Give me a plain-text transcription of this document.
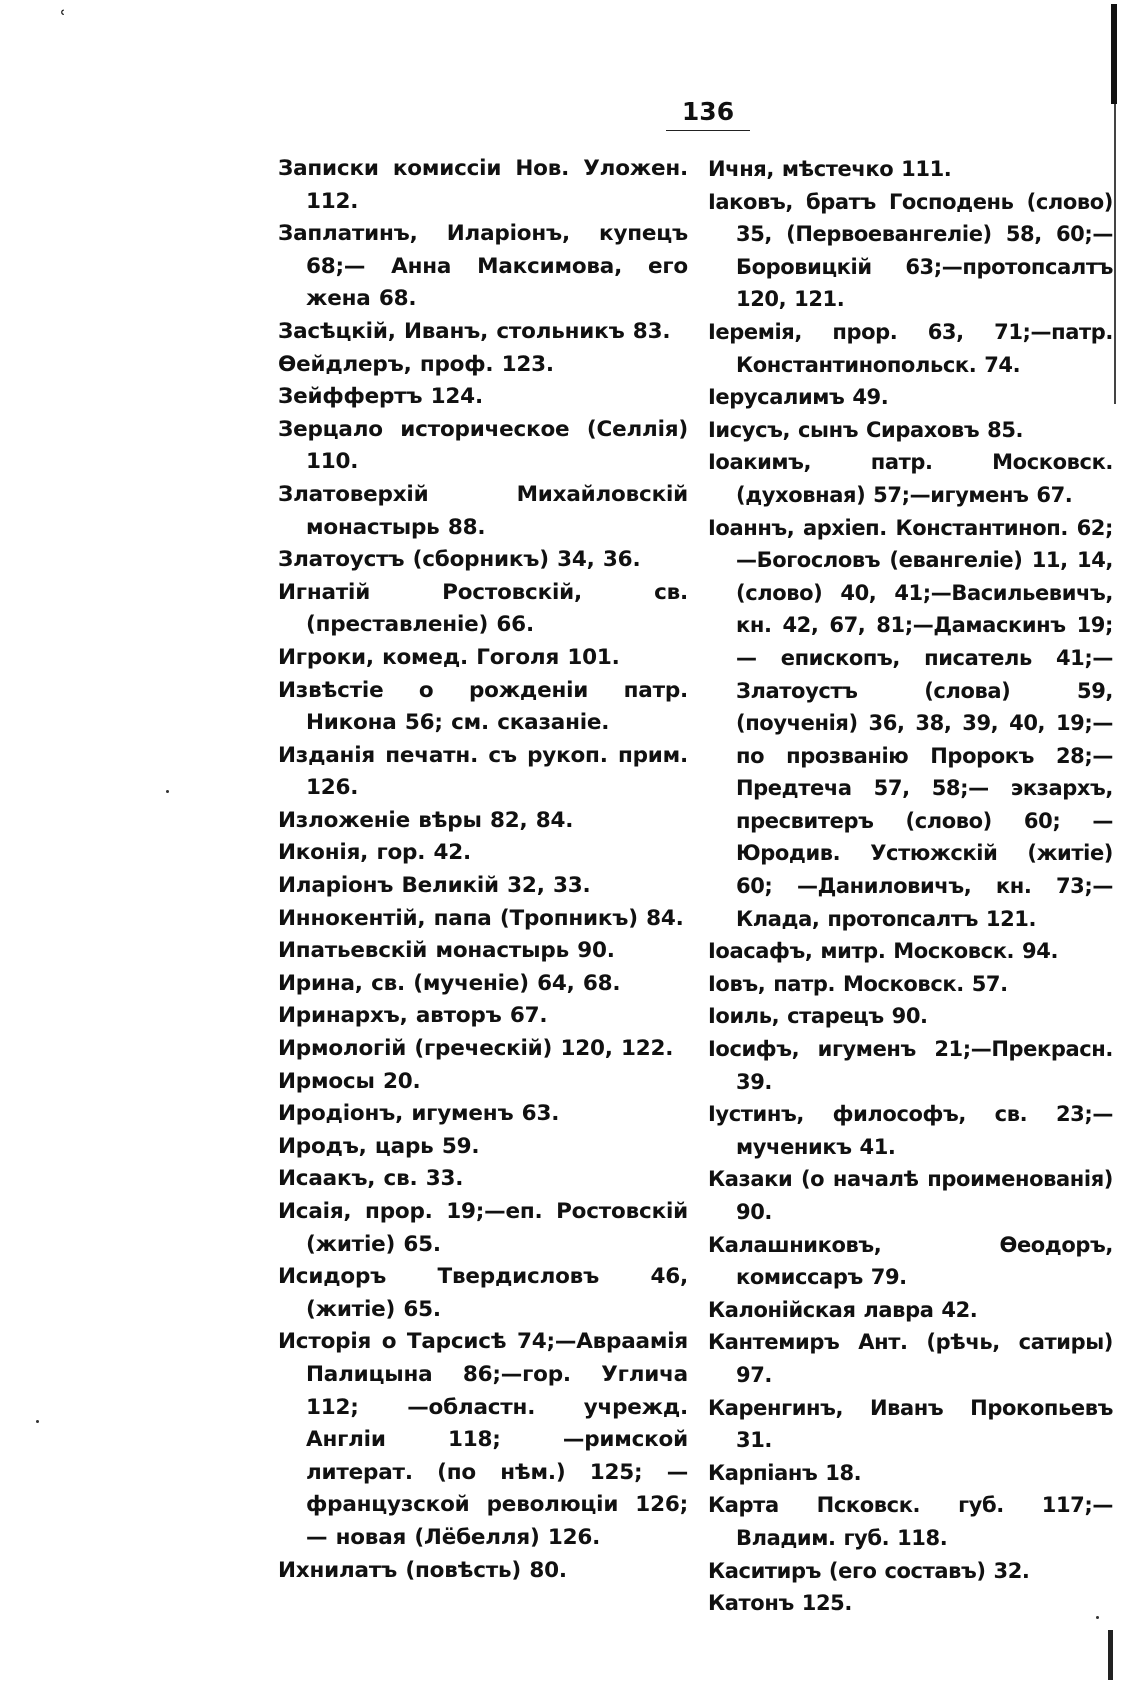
ʿ
136
Записки комиссіи Нов. Уложен. 112.
Заплатинъ, Иларіонъ, купецъ 68;— Анна Максимова, его жена 68.
Засѣцкій, Иванъ, стольникъ 83.
Ѳейдлеръ, проф. 123.
Зейффертъ 124.
Зерцало историческое (Селлія) 110.
Златоверхій Михайловскій монастырь 88.
Златоустъ (сборникъ) 34, 36.
Игнатій Ростовскій, св. (преставленіе) 66.
Игроки, комед. Гоголя 101.
Извѣстіе о рожденіи патр. Никона 56; см. сказаніе.
Изданія печатн. съ рукоп. прим. 126.
Изложеніе вѣры 82, 84.
Иконія, гор. 42.
Иларіонъ Великій 32, 33.
Иннокентій, папа (Тропникъ) 84.
Ипатьевскій монастырь 90.
Ирина, св. (мученіе) 64, 68.
Иринархъ, авторъ 67.
Ирмологій (греческій) 120, 122.
Ирмосы 20.
Иродіонъ, игуменъ 63.
Иродъ, царь 59.
Исаакъ, св. 33.
Исаія, прор. 19;—еп. Ростовскій (житіе) 65.
Исидоръ Твердисловъ 46, (житіе) 65.
Исторія о Тарсисѣ 74;—Авраамія Палицына 86;—гор. Углича 112; —областн. учрежд. Англіи 118; —римской литерат. (по нѣм.) 125; —французской революціи 126;— новая (Лёбелля) 126.
Ихнилатъ (повѣсть) 80.
Ичня, мѣстечко 111.
Іаковъ, братъ Господень (слово) 35, (Первоевангеліе) 58, 60;—Боровицкій 63;—протопсалтъ 120, 121.
Іеремія, прор. 63, 71;—патр. Константинопольск. 74.
Іерусалимъ 49.
Іисусъ, сынъ Сираховъ 85.
Іоакимъ, патр. Московск. (духовная) 57;—игуменъ 67.
Іоаннъ, архіеп. Константиноп. 62; —Богословъ (евангеліе) 11, 14, (слово) 40, 41;—Васильевичъ, кн. 42, 67, 81;—Дамаскинъ 19;— епископъ, писатель 41;—Златоустъ (слова) 59, (поученія) 36, 38, 39, 40, 19;—по прозванію Пророкъ 28;—Предтеча 57, 58;— экзархъ, пресвитеръ (слово) 60; —Юродив. Устюжскій (житіе) 60; —Даниловичъ, кн. 73;—Клада, протопсалтъ 121.
Іоасафъ, митр. Московск. 94.
Іовъ, патр. Московск. 57.
Іоиль, старецъ 90.
Іосифъ, игуменъ 21;—Прекрасн. 39.
Іустинъ, философъ, св. 23;—мученикъ 41.
Казаки (о началѣ проименованія) 90.
Калашниковъ, Ѳеодоръ, комиссаръ 79.
Калонійская лавра 42.
Кантемиръ Ант. (рѣчь, сатиры) 97.
Каренгинъ, Иванъ Прокопьевъ 31.
Карпіанъ 18.
Карта Псковск. губ. 117;—Владим. губ. 118.
Каситиръ (его составъ) 32.
Катонъ 125.
